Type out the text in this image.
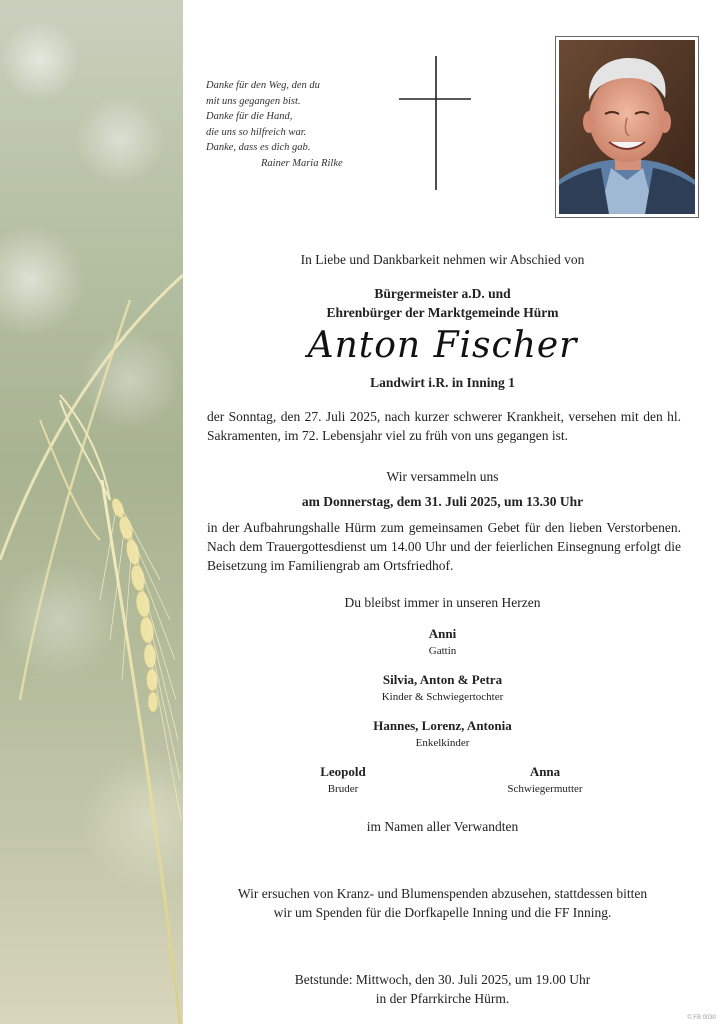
Danke für den Weg, den du
mit uns gegangen bist.
Danke für die Hand,
die uns so hilfreich war.
Danke, dass es dich gab.
Rainer Maria Rilke
In Liebe und Dankbarkeit nehmen wir Abschied von
Bürgermeister a.D. und
Ehrenbürger der Marktgemeinde Hürm
Anton Fischer
Landwirt i.R. in Inning 1
der Sonntag, den 27. Juli 2025, nach kurzer schwerer Krankheit, versehen mit den hl. Sakramenten, im 72. Lebensjahr viel zu früh von uns gegangen ist.
Wir versammeln uns
am Donnerstag, dem 31. Juli 2025, um 13.30 Uhr
in der Aufbahrungshalle Hürm zum gemeinsamen Gebet für den lieben Verstorbenen. Nach dem Trauergottesdienst um 14.00 Uhr und der feierlichen Einsegnung erfolgt die Beisetzung im Familiengrab am Ortsfriedhof.
Du bleibst immer in unseren Herzen
Anni
Gattin
Silvia, Anton & Petra
Kinder & Schwiegertochter
Hannes, Lorenz, Antonia
Enkelkinder
Leopold
Bruder
Anna
Schwiegermutter
im Namen aller Verwandten
Wir ersuchen von Kranz- und Blumenspenden abzusehen, stattdessen bitten
wir um Spenden für die Dorfkapelle Inning und die FF Inning.
Betstunde: Mittwoch, den 30. Juli 2025, um 19.00 Uhr
in der Pfarrkirche Hürm.
© FB 0030
